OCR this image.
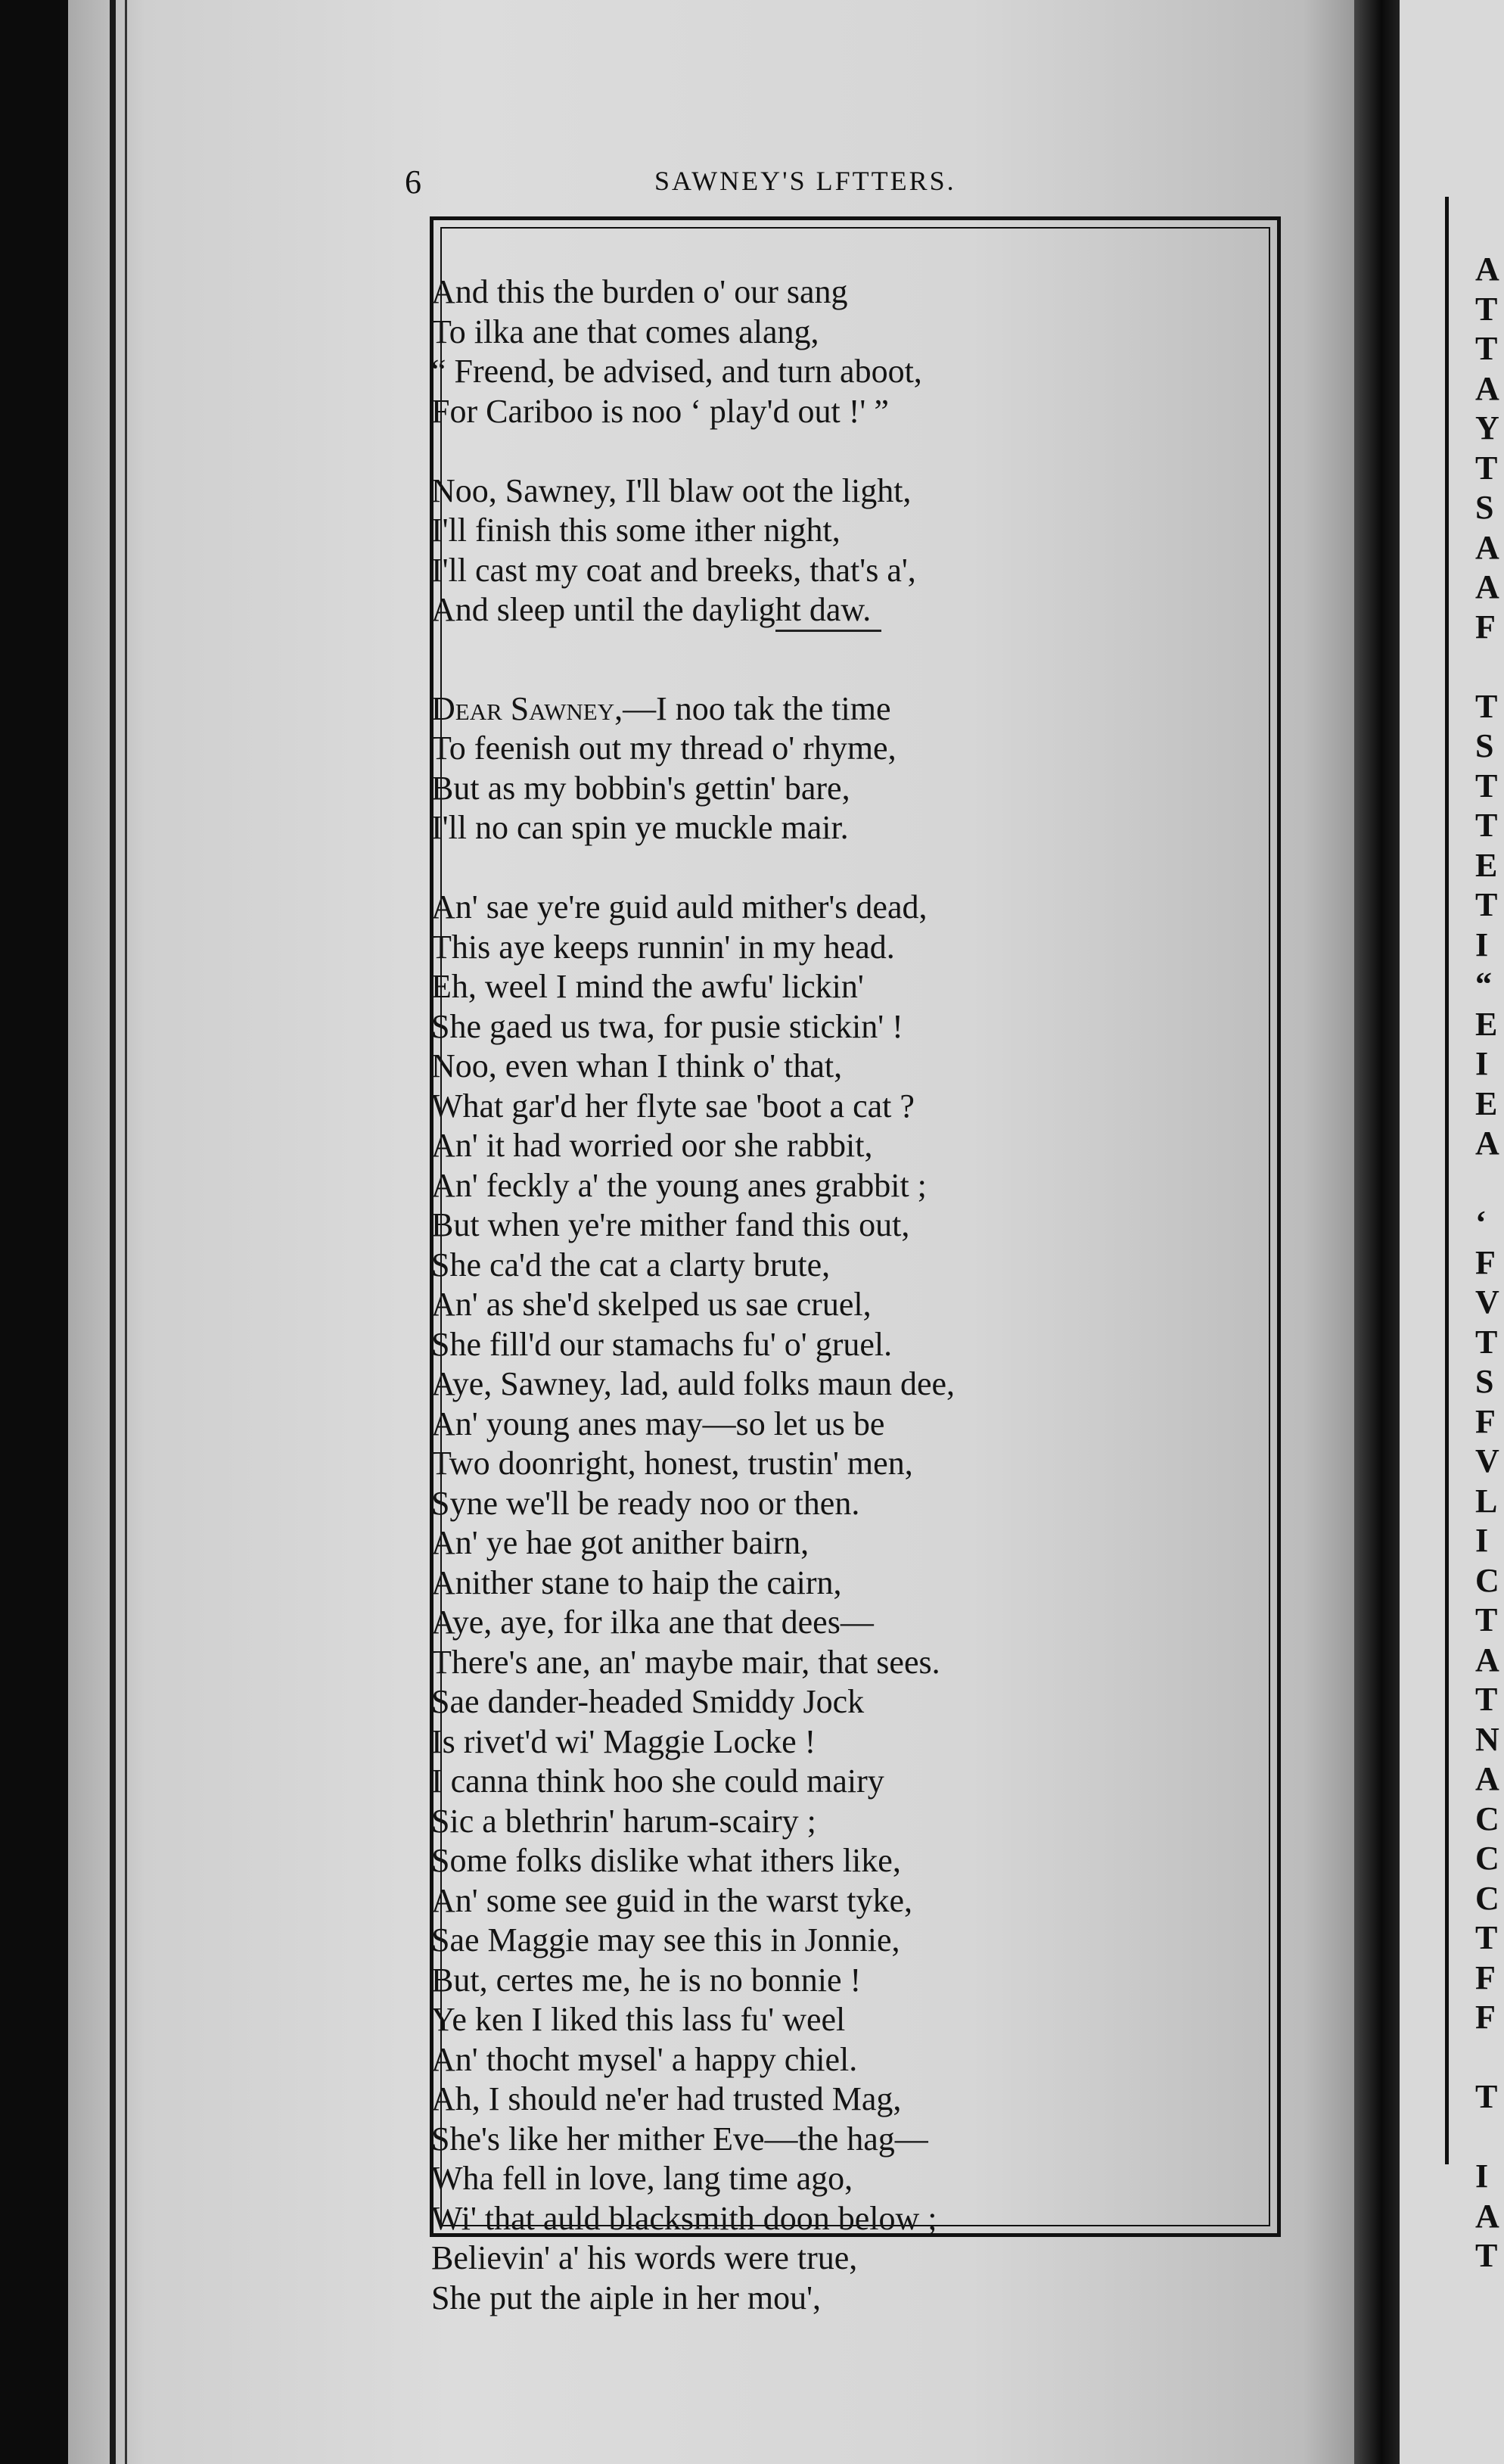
A
T
T
A
Y
T
S
A
A
F
T
S
T
T
E
T
I
“
E
I
E
A
‘
F
V
T
S
F
V
L
I
C
T
A
T
N
A
C
C
C
T
F
F
T
I
A
T
6	SAWNEY'S LFTTERS.
And this the burden o' our sang
To ilka ane that comes alang,
“ Freend, be advised, and turn aboot,
For Cariboo is noo ‘ play'd out !' ”
Noo, Sawney, I'll blaw oot the light,
I'll finish this some ither night,
I'll cast my coat and breeks, that's a',
And sleep until the daylight daw.
Dear Sawney,—I noo tak the time
To feenish out my thread o' rhyme,
But as my bobbin's gettin' bare,
I'll no can spin ye muckle mair.
An' sae ye're guid auld mither's dead,
This aye keeps runnin' in my head.
Eh, weel I mind the awfu' lickin'
She gaed us twa, for pusie stickin' !
Noo, even whan I think o' that,
What gar'd her flyte sae 'boot a cat ?
An' it had worried oor she rabbit,
An' feckly a' the young anes grabbit ;
But when ye're mither fand this out,
She ca'd the cat a clarty brute,
An' as she'd skelped us sae cruel,
She fill'd our stamachs fu' o' gruel.
Aye, Sawney, lad, auld folks maun dee,
An' young anes may—so let us be
Two doonright, honest, trustin' men,
Syne we'll be ready noo or then.
An' ye hae got anither bairn,
Anither stane to haip the cairn,
Aye, aye, for ilka ane that dees—
There's ane, an' maybe mair, that sees.
Sae dander-headed Smiddy Jock
Is rivet'd wi' Maggie Locke !
I canna think hoo she could mairy
Sic a blethrin' harum-scairy ;
Some folks dislike what ithers like,
An' some see guid in the warst tyke,
Sae Maggie may see this in Jonnie,
But, certes me, he is no bonnie !
Ye ken I liked this lass fu' weel
An' thocht mysel' a happy chiel.
Ah, I should ne'er had trusted Mag,
She's like her mither Eve—the hag—
Wha fell in love, lang time ago,
Wi' that auld blacksmith doon below ;
Believin' a' his words were true,
She put the aiple in her mou',
